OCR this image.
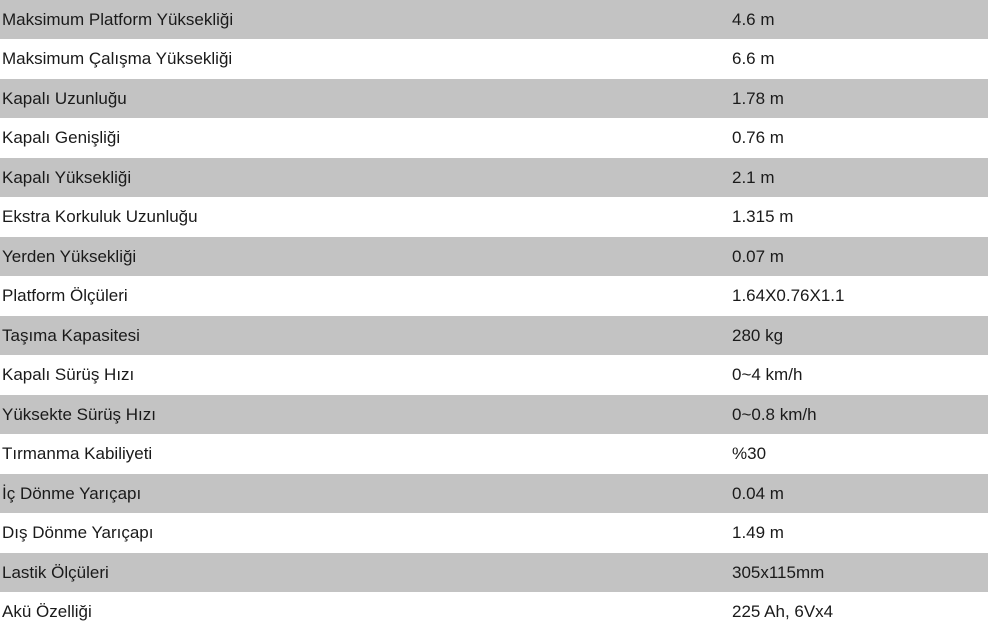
Maksimum Platform Yüksekliği	4.6 m
Maksimum Çalışma Yüksekliği	6.6 m
Kapalı Uzunluğu	1.78 m
Kapalı Genişliği	0.76 m
Kapalı Yüksekliği	2.1 m
Ekstra Korkuluk Uzunluğu	1.315 m
Yerden Yüksekliği	0.07 m
Platform Ölçüleri	1.64X0.76X1.1
Taşıma Kapasitesi	280 kg
Kapalı Sürüş Hızı	0~4 km/h
Yüksekte Sürüş Hızı	0~0.8 km/h
Tırmanma Kabiliyeti	%30
İç Dönme Yarıçapı	0.04 m
Dış Dönme Yarıçapı	1.49 m
Lastik Ölçüleri	305x115mm
Akü Özelliği	225 Ah, 6Vx4
